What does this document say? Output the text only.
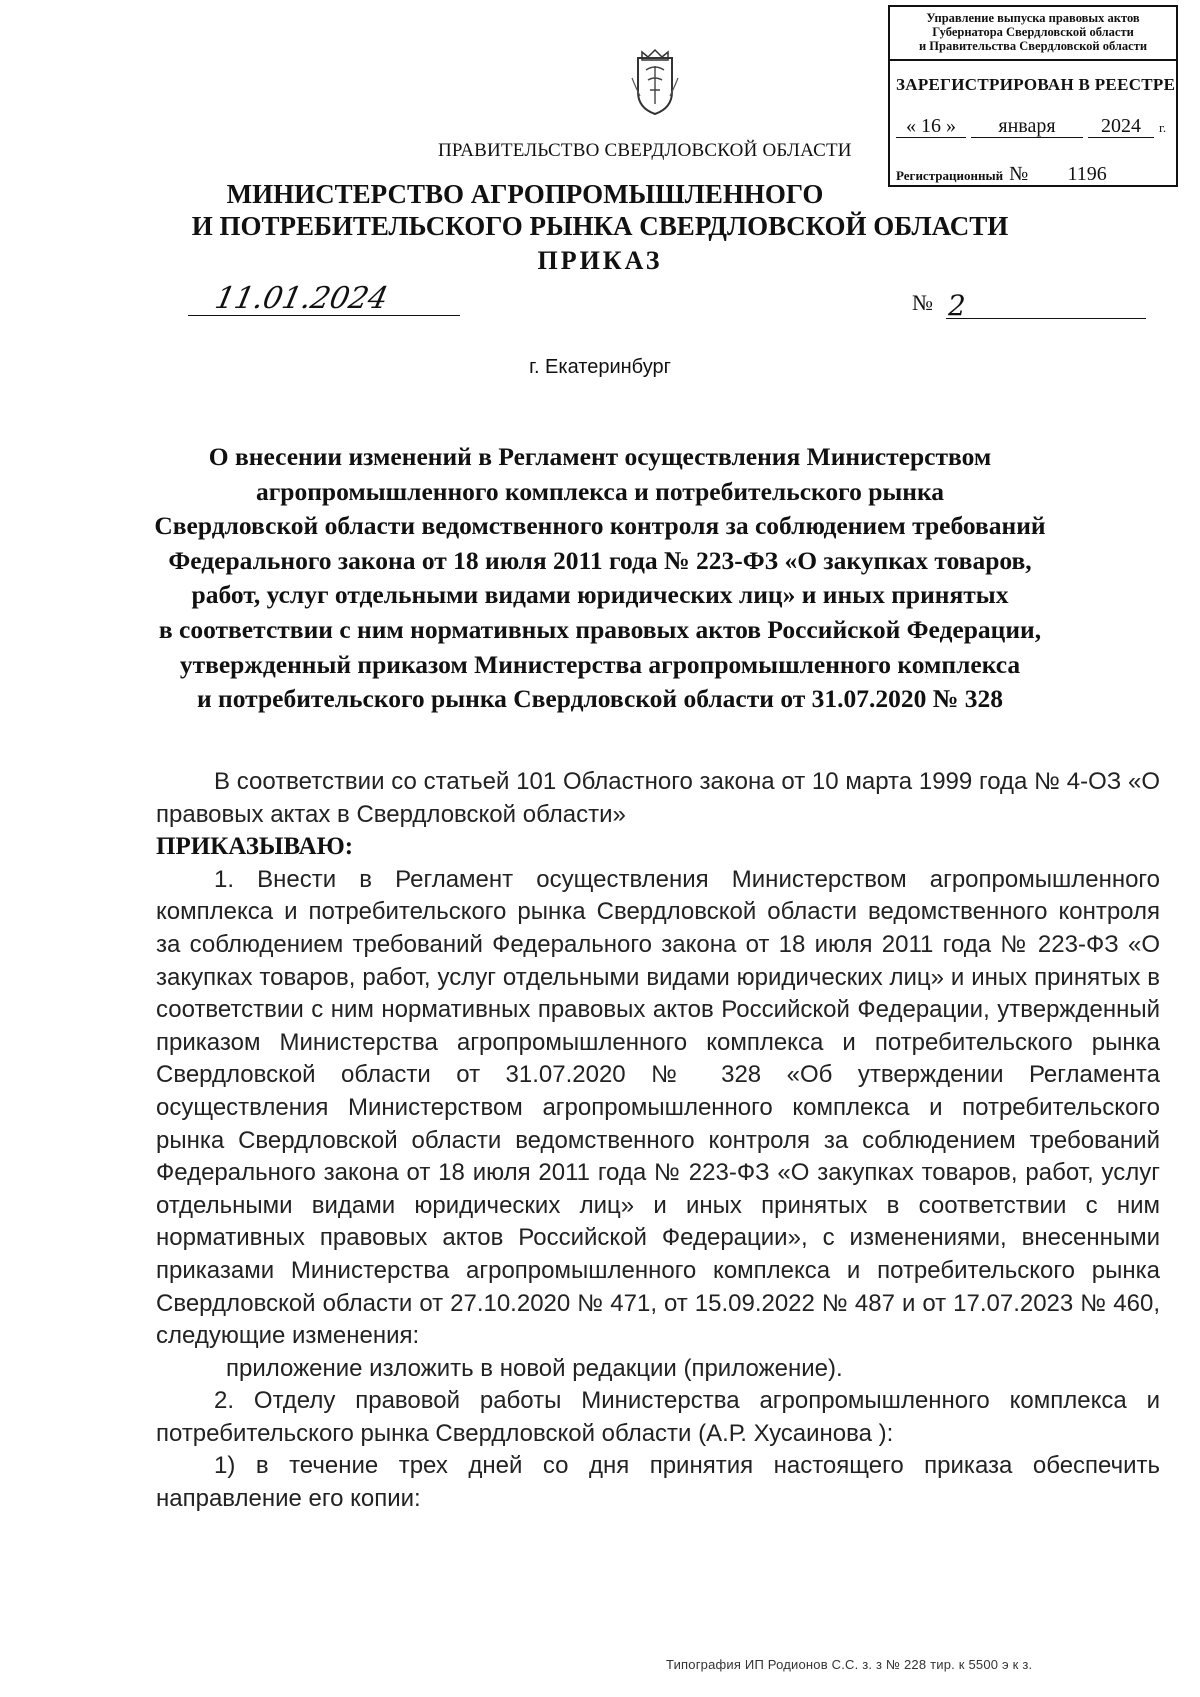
Управление выпуска правовых актов
Губернатора Свердловской области
и Правительства Свердловской области
ЗАРЕГИСТРИРОВАН В РЕЕСТРЕ
« 16 » января 2024 г.
Регистрационный № 1196
ПРАВИТЕЛЬСТВО СВЕРДЛОВСКОЙ ОБЛАСТИ
МИНИСТЕРСТВО АГРОПРОМЫШЛЕННОГО
И ПОТРЕБИТЕЛЬСКОГО РЫНКА СВЕРДЛОВСКОЙ ОБЛАСТИ
ПРИКАЗ
11.01.2024	№ 2
г. Екатеринбург
О внесении изменений в Регламент осуществления Министерством
агропромышленного комплекса и потребительского рынка
Свердловской области ведомственного контроля за соблюдением требований
Федерального закона от 18 июля 2011 года № 223-ФЗ «О закупках товаров,
работ, услуг отдельными видами юридических лиц» и иных принятых
в соответствии с ним нормативных правовых актов Российской Федерации,
утвержденный приказом Министерства агропромышленного комплекса
и потребительского рынка Свердловской области от 31.07.2020 № 328

В соответствии со статьей 101 Областного закона от 10 марта 1999 года № 4-ОЗ «О правовых актах в Свердловской области»

ПРИКАЗЫВАЮ:

1. Внести в Регламент осуществления Министерством агропромышленного комплекса и потребительского рынка Свердловской области ведомственного контроля за соблюдением требований Федерального закона от 18 июля 2011 года № 223-ФЗ «О закупках товаров, работ, услуг отдельными видами юридических лиц» и иных принятых в соответствии с ним нормативных правовых актов Российской Федерации, утвержденный приказом Министерства агропромышленного комплекса и потребительского рынка Свердловской области от 31.07.2020 № 328 «Об утверждении Регламента осуществления Министерством агропромышленного комплекса и потребительского рынка Свердловской области ведомственного контроля за соблюдением требований Федерального закона от 18 июля 2011 года № 223-ФЗ «О закупках товаров, работ, услуг отдельными видами юридических лиц» и иных принятых в соответствии с ним нормативных правовых актов Российской Федерации», с изменениями, внесенными приказами Министерства агропромышленного комплекса и потребительского рынка Свердловской области от 27.10.2020 № 471, от 15.09.2022 № 487 и от 17.07.2023 № 460, следующие изменения:

приложение изложить в новой редакции (приложение).

2. Отделу правовой работы Министерства агропромышленного комплекса и потребительского рынка Свердловской области (А.Р. Хусаинова ):

1) в течение трех дней со дня принятия настоящего приказа обеспечить направление его копии:

Типография ИП Родионов С.С. з. з № 228 тир. к 5500 э к з.
